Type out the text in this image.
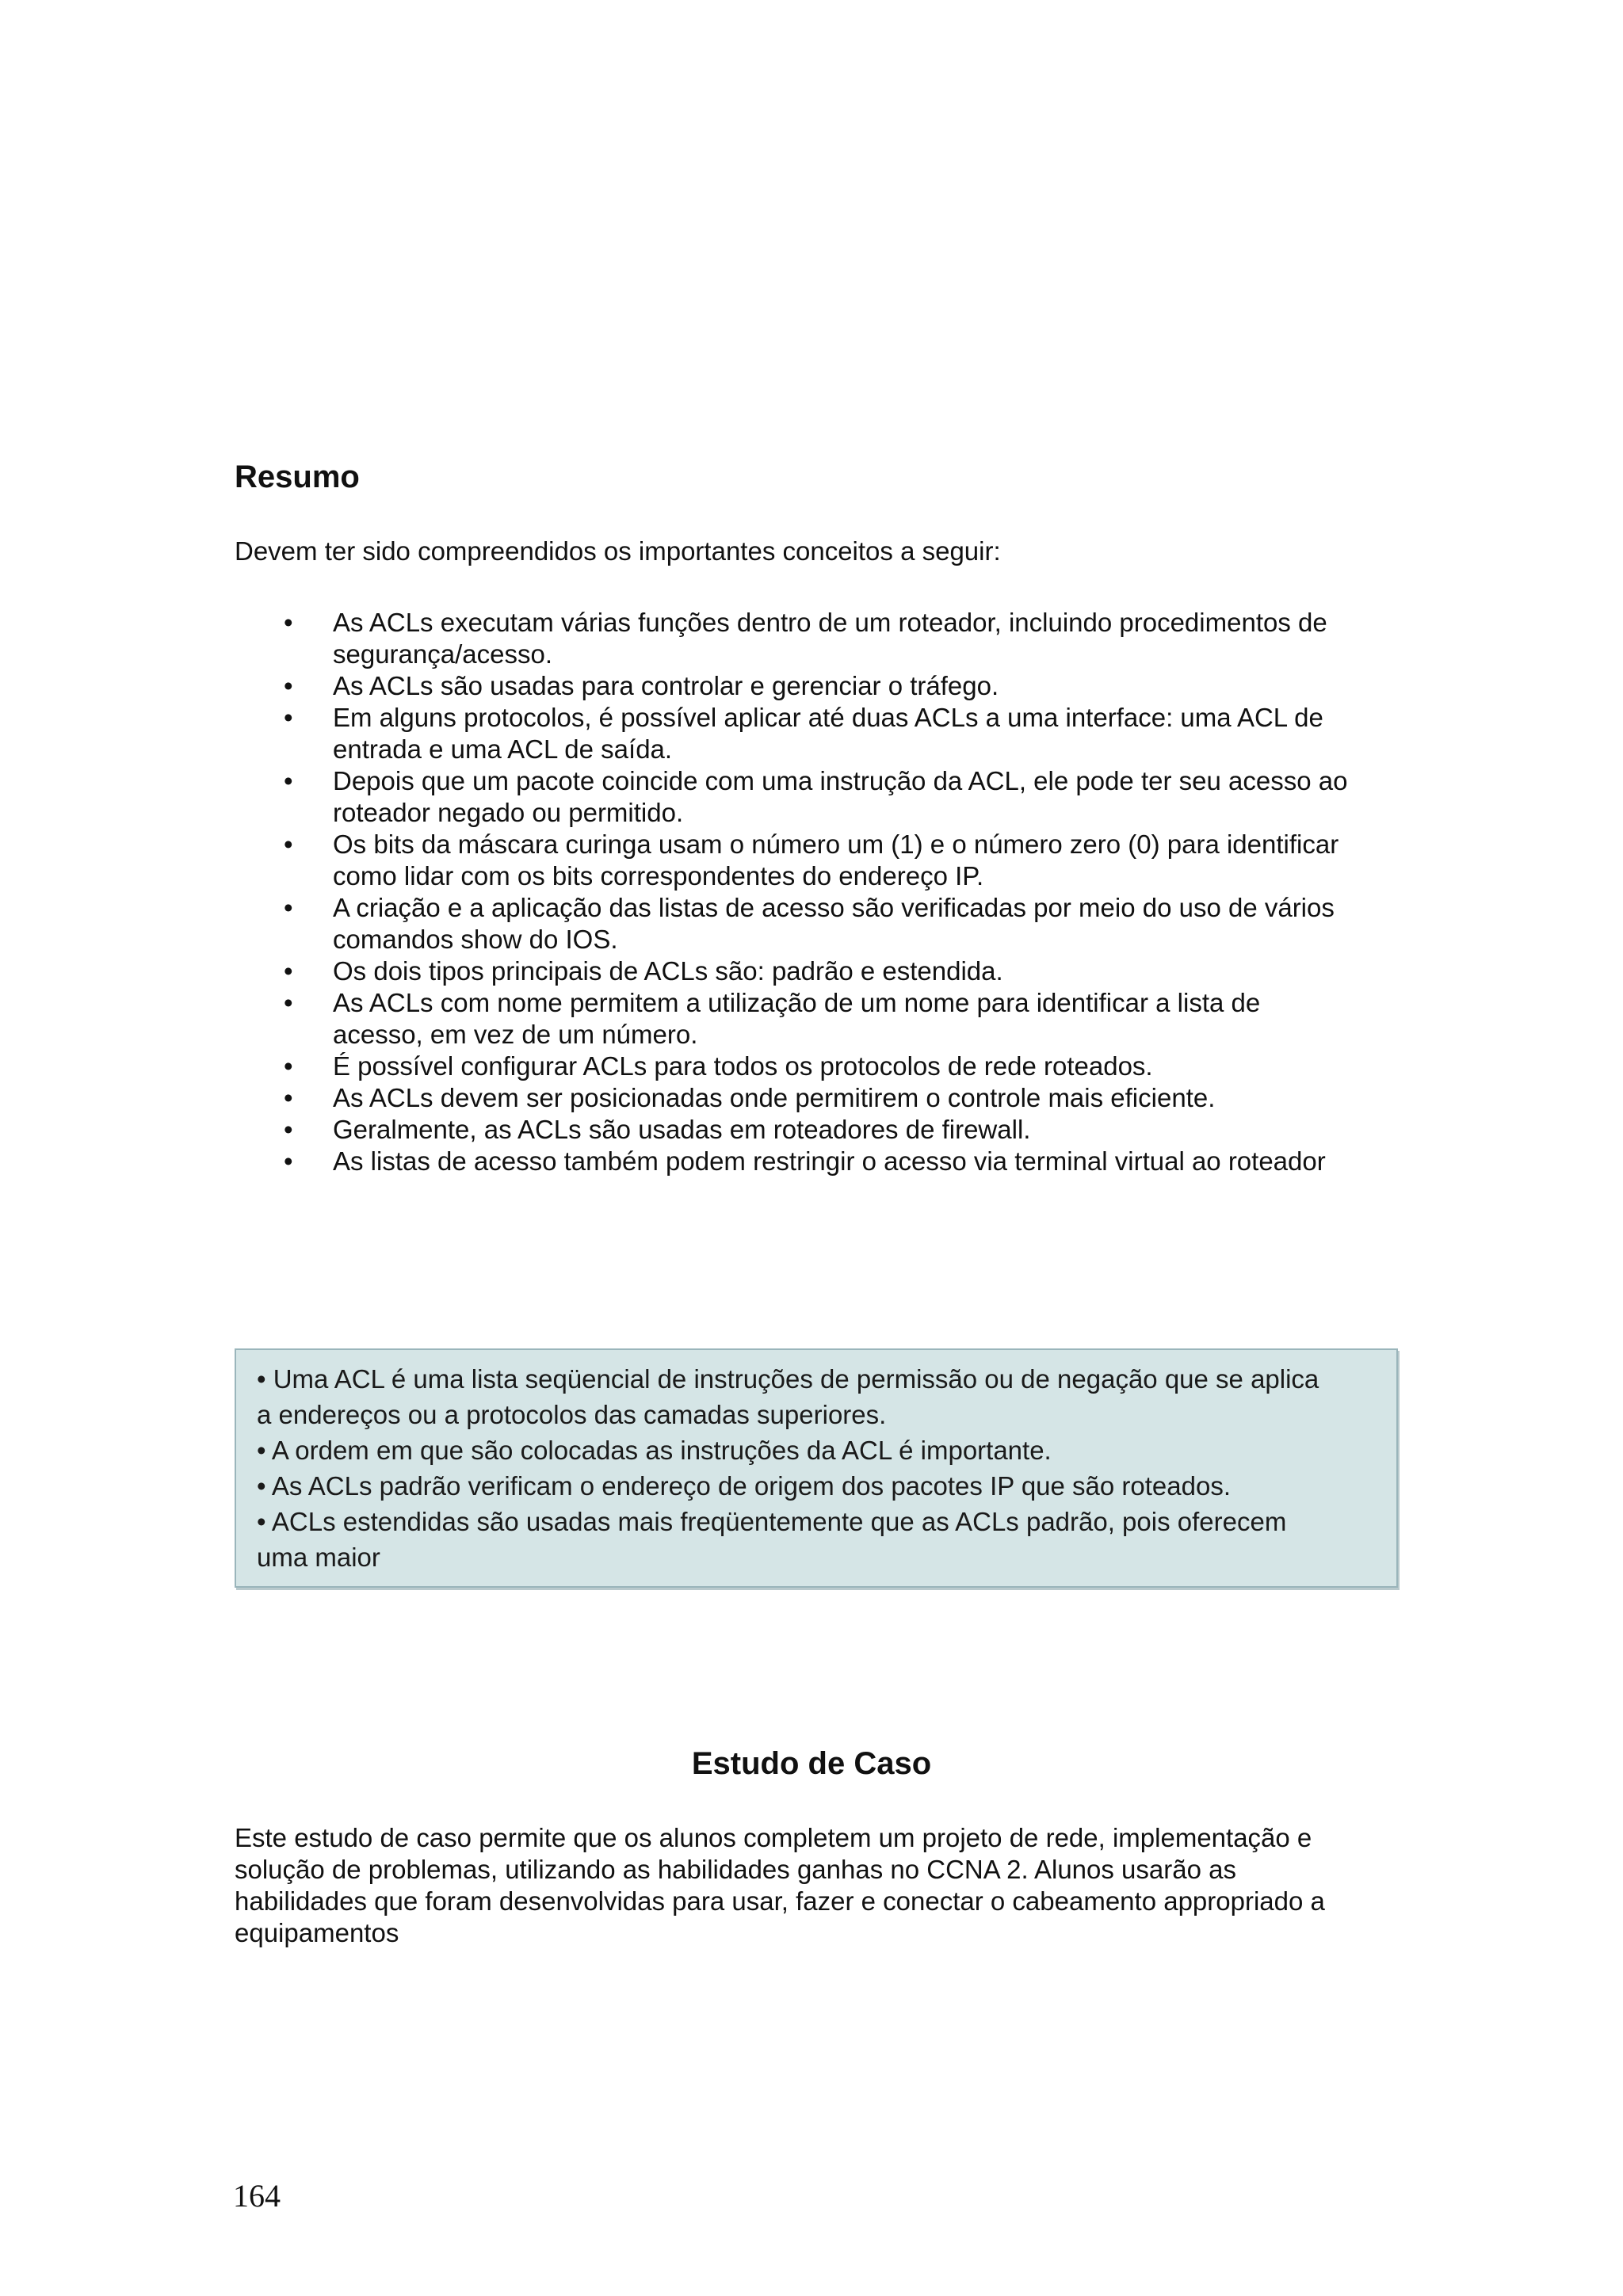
Resumo

Devem ter sido compreendidos os importantes conceitos a seguir:

• As ACLs executam várias funções dentro de um roteador, incluindo procedimentos de
segurança/acesso.
• As ACLs são usadas para controlar e gerenciar o tráfego.
• Em alguns protocolos, é possível aplicar até duas ACLs a uma interface: uma ACL de
entrada e uma ACL de saída.
• Depois que um pacote coincide com uma instrução da ACL, ele pode ter seu acesso ao
roteador negado ou permitido.
• Os bits da máscara curinga usam o número um (1) e o número zero (0) para identificar
como lidar com os bits correspondentes do endereço IP.
• A criação e a aplicação das listas de acesso são verificadas por meio do uso de vários
comandos show do IOS.
• Os dois tipos principais de ACLs são: padrão e estendida.
• As ACLs com nome permitem a utilização de um nome para identificar a lista de
acesso, em vez de um número.
• É possível configurar ACLs para todos os protocolos de rede roteados.
• As ACLs devem ser posicionadas onde permitirem o controle mais eficiente.
• Geralmente, as ACLs são usadas em roteadores de firewall.
• As listas de acesso também podem restringir o acesso via terminal virtual ao roteador

• Uma ACL é uma lista seqüencial de instruções de permissão ou de negação que se aplica

a endereços ou a protocolos das camadas superiores.

• A ordem em que são colocadas as instruções da ACL é importante.

• As ACLs padrão verificam o endereço de origem dos pacotes IP que são roteados.

• ACLs estendidas são usadas mais freqüentemente que as ACLs padrão, pois oferecem

uma maior

Estudo de Caso

Este estudo de caso permite que os alunos completem um projeto de rede, implementação e
solução de problemas, utilizando as habilidades ganhas no CCNA 2. Alunos usarão as
habilidades que foram desenvolvidas para usar, fazer e conectar o cabeamento appropriado a
equipamentos

164
